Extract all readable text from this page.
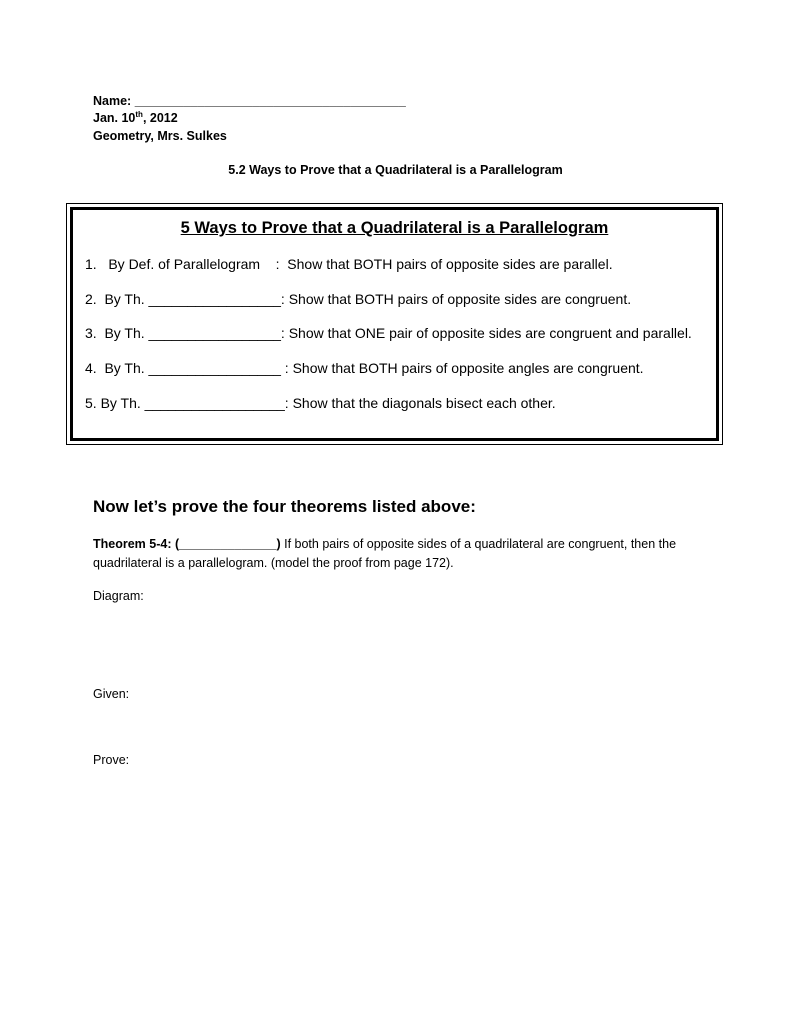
Name: _______________________________________
Jan. 10th, 2012
Geometry, Mrs. Sulkes
5.2 Ways to Prove that a Quadrilateral is a Parallelogram
5 Ways to Prove that a Quadrilateral is a Parallelogram
1.   By Def. of Parallelogram    :  Show that BOTH pairs of opposite sides are parallel.
2.  By Th. _________________: Show that BOTH pairs of opposite sides are congruent.
3.  By Th. _________________: Show that ONE pair of opposite sides are congruent and parallel.
4.  By Th. _________________ : Show that BOTH pairs of opposite angles are congruent.
5. By Th. __________________: Show that the diagonals bisect each other.
Now let’s prove the four theorems listed above:
Theorem 5-4: (______________) If both pairs of opposite sides of a quadrilateral are congruent, then the quadrilateral is a parallelogram. (model the proof from page 172).
Diagram:
Given:
Prove:
